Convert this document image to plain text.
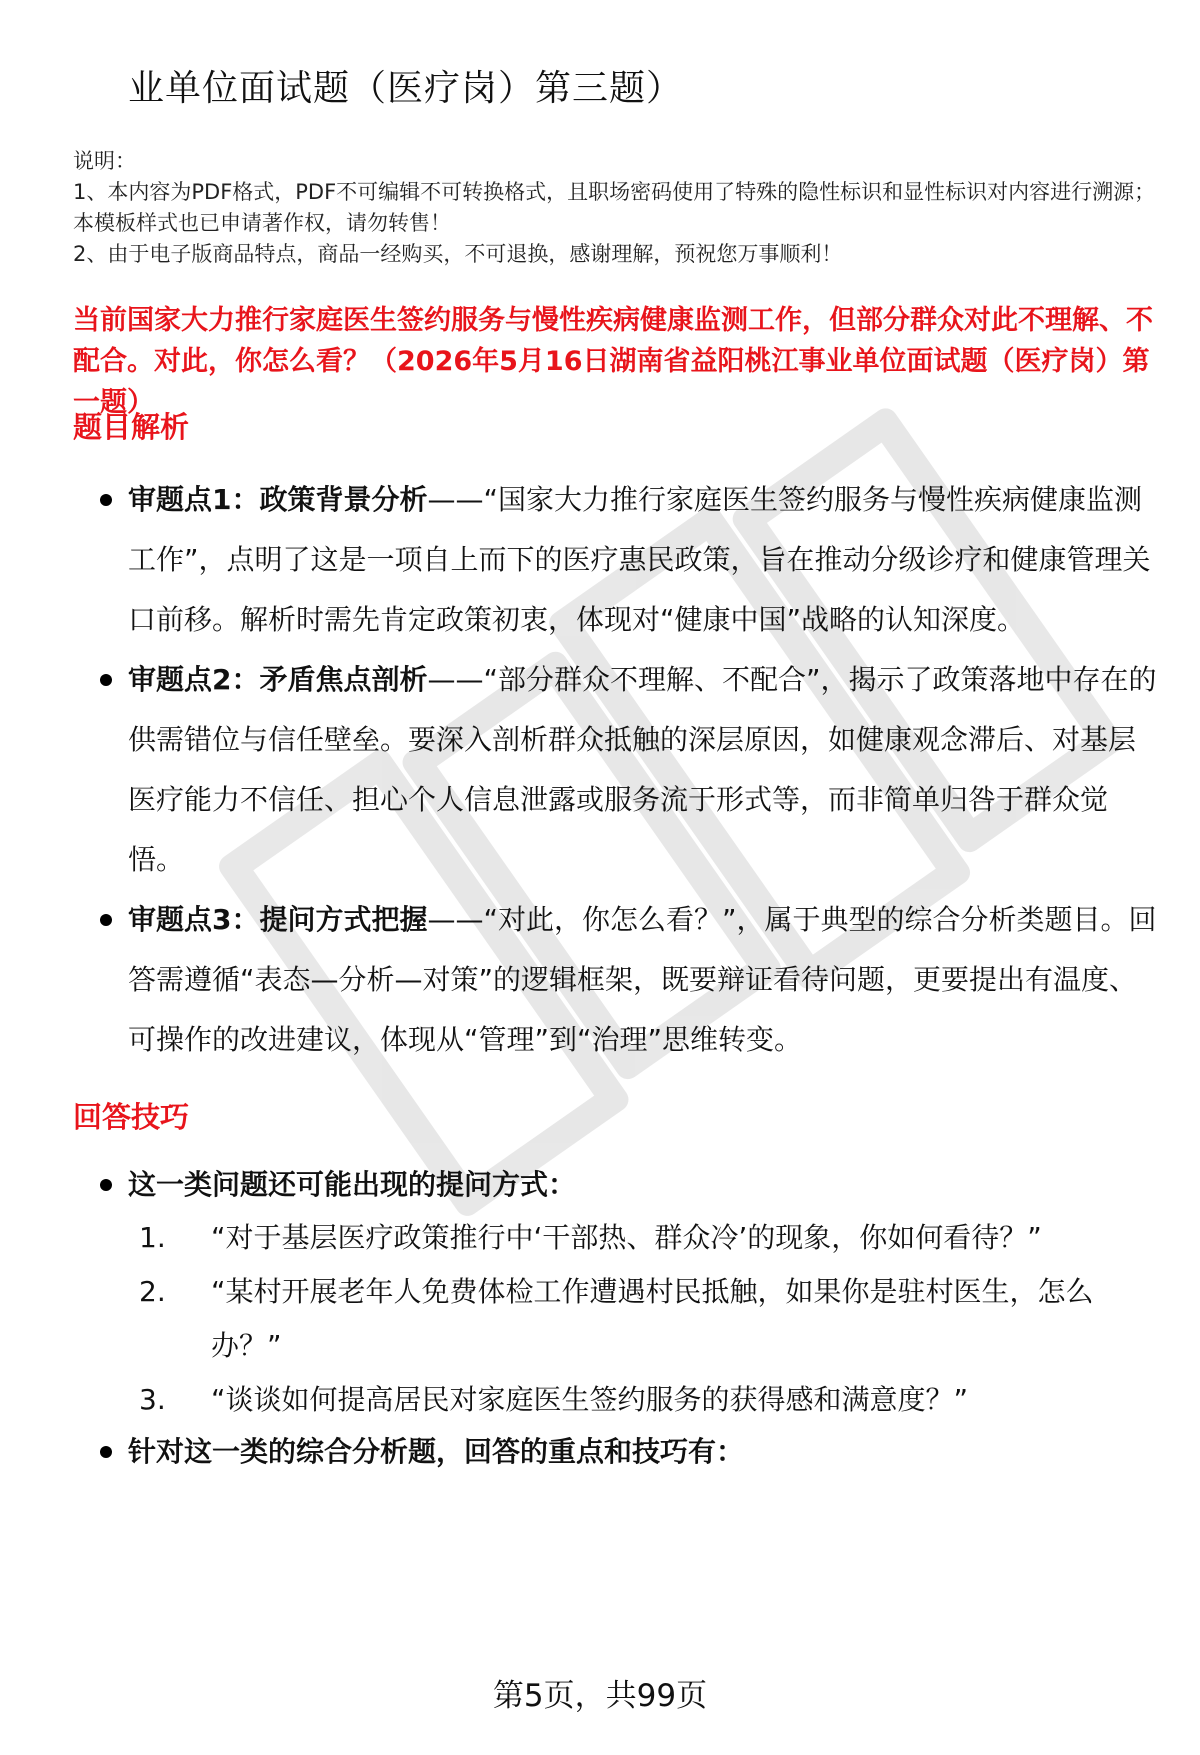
业单位面试题（医疗岗）第三题）
说明：
1、本内容为PDF格式，PDF不可编辑不可转换格式，且职场密码使用了特殊的隐性标识和显性标识对内容进行溯源；本模板样式也已申请著作权，请勿转售！
2、由于电子版商品特点，商品一经购买，不可退换，感谢理解，预祝您万事顺利！
当前国家大力推行家庭医生签约服务与慢性疾病健康监测工作，但部分群众对此不理解、不配合。对此，你怎么看？（2026年5月16日湖南省益阳桃江事业单位面试题（医疗岗）第一题）
题目解析
审题点1：政策背景分析——“国家大力推行家庭医生签约服务与慢性疾病健康监测工作”，点明了这是一项自上而下的医疗惠民政策，旨在推动分级诊疗和健康管理关口前移。解析时需先肯定政策初衷，体现对“健康中国”战略的认知深度。
审题点2：矛盾焦点剖析——“部分群众不理解、不配合”，揭示了政策落地中存在的供需错位与信任壁垒。要深入剖析群众抵触的深层原因，如健康观念滞后、对基层医疗能力不信任、担心个人信息泄露或服务流于形式等，而非简单归咎于群众觉悟。
审题点3：提问方式把握——“对此，你怎么看？”，属于典型的综合分析类题目。回答需遵循“表态—分析—对策”的逻辑框架，既要辩证看待问题，更要提出有温度、可操作的改进建议，体现从“管理”到“治理”思维转变。
回答技巧
这一类问题还可能出现的提问方式：
1. “对于基层医疗政策推行中‘干部热、群众冷’的现象，你如何看待？”
2. “某村开展老年人免费体检工作遭遇村民抵触，如果你是驻村医生，怎么办？”
3. “谈谈如何提高居民对家庭医生签约服务的获得感和满意度？”
针对这一类的综合分析题，回答的重点和技巧有：
第5页，共99页
